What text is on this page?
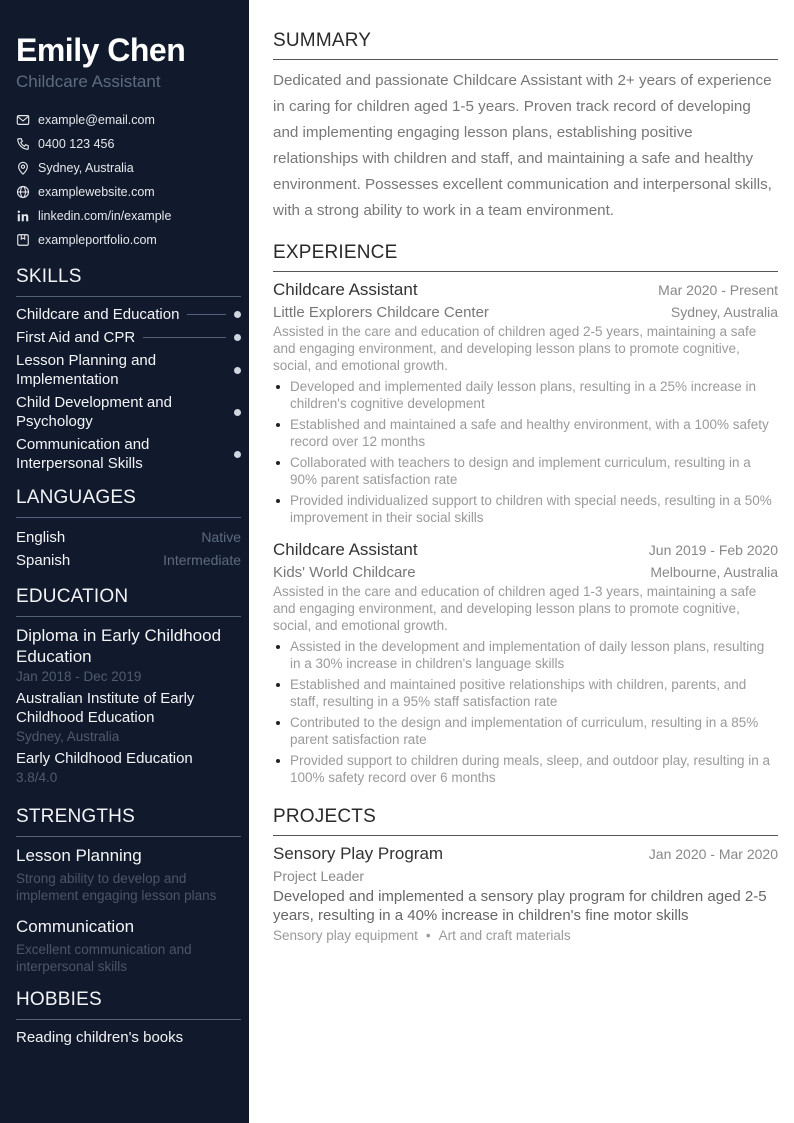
Emily Chen
Childcare Assistant
example@email.com
0400 123 456
Sydney, Australia
examplewebsite.com
linkedin.com/in/example
exampleportfolio.com
SKILLS
Childcare and Education
First Aid and CPR
Lesson Planning and Implementation
Child Development and Psychology
Communication and Interpersonal Skills
LANGUAGES
English	Native
Spanish	Intermediate
EDUCATION
Diploma in Early Childhood Education
Jan 2018 - Dec 2019
Australian Institute of Early Childhood Education
Sydney, Australia
Early Childhood Education
3.8/4.0
STRENGTHS
Lesson Planning
Strong ability to develop and implement engaging lesson plans
Communication
Excellent communication and interpersonal skills
HOBBIES
Reading children's books
SUMMARY
Dedicated and passionate Childcare Assistant with 2+ years of experience in caring for children aged 1-5 years. Proven track record of developing and implementing engaging lesson plans, establishing positive relationships with children and staff, and maintaining a safe and healthy environment. Possesses excellent communication and interpersonal skills, with a strong ability to work in a team environment.
EXPERIENCE
Childcare Assistant	Mar 2020 - Present
Little Explorers Childcare Center	Sydney, Australia
Assisted in the care and education of children aged 2-5 years, maintaining a safe and engaging environment, and developing lesson plans to promote cognitive, social, and emotional growth.
Developed and implemented daily lesson plans, resulting in a 25% increase in children's cognitive development
Established and maintained a safe and healthy environment, with a 100% safety record over 12 months
Collaborated with teachers to design and implement curriculum, resulting in a 90% parent satisfaction rate
Provided individualized support to children with special needs, resulting in a 50% improvement in their social skills
Childcare Assistant	Jun 2019 - Feb 2020
Kids' World Childcare	Melbourne, Australia
Assisted in the care and education of children aged 1-3 years, maintaining a safe and engaging environment, and developing lesson plans to promote cognitive, social, and emotional growth.
Assisted in the development and implementation of daily lesson plans, resulting in a 30% increase in children's language skills
Established and maintained positive relationships with children, parents, and staff, resulting in a 95% staff satisfaction rate
Contributed to the design and implementation of curriculum, resulting in a 85% parent satisfaction rate
Provided support to children during meals, sleep, and outdoor play, resulting in a 100% safety record over 6 months
PROJECTS
Sensory Play Program	Jan 2020 - Mar 2020
Project Leader
Developed and implemented a sensory play program for children aged 2-5 years, resulting in a 40% increase in children's fine motor skills
Sensory play equipment • Art and craft materials
